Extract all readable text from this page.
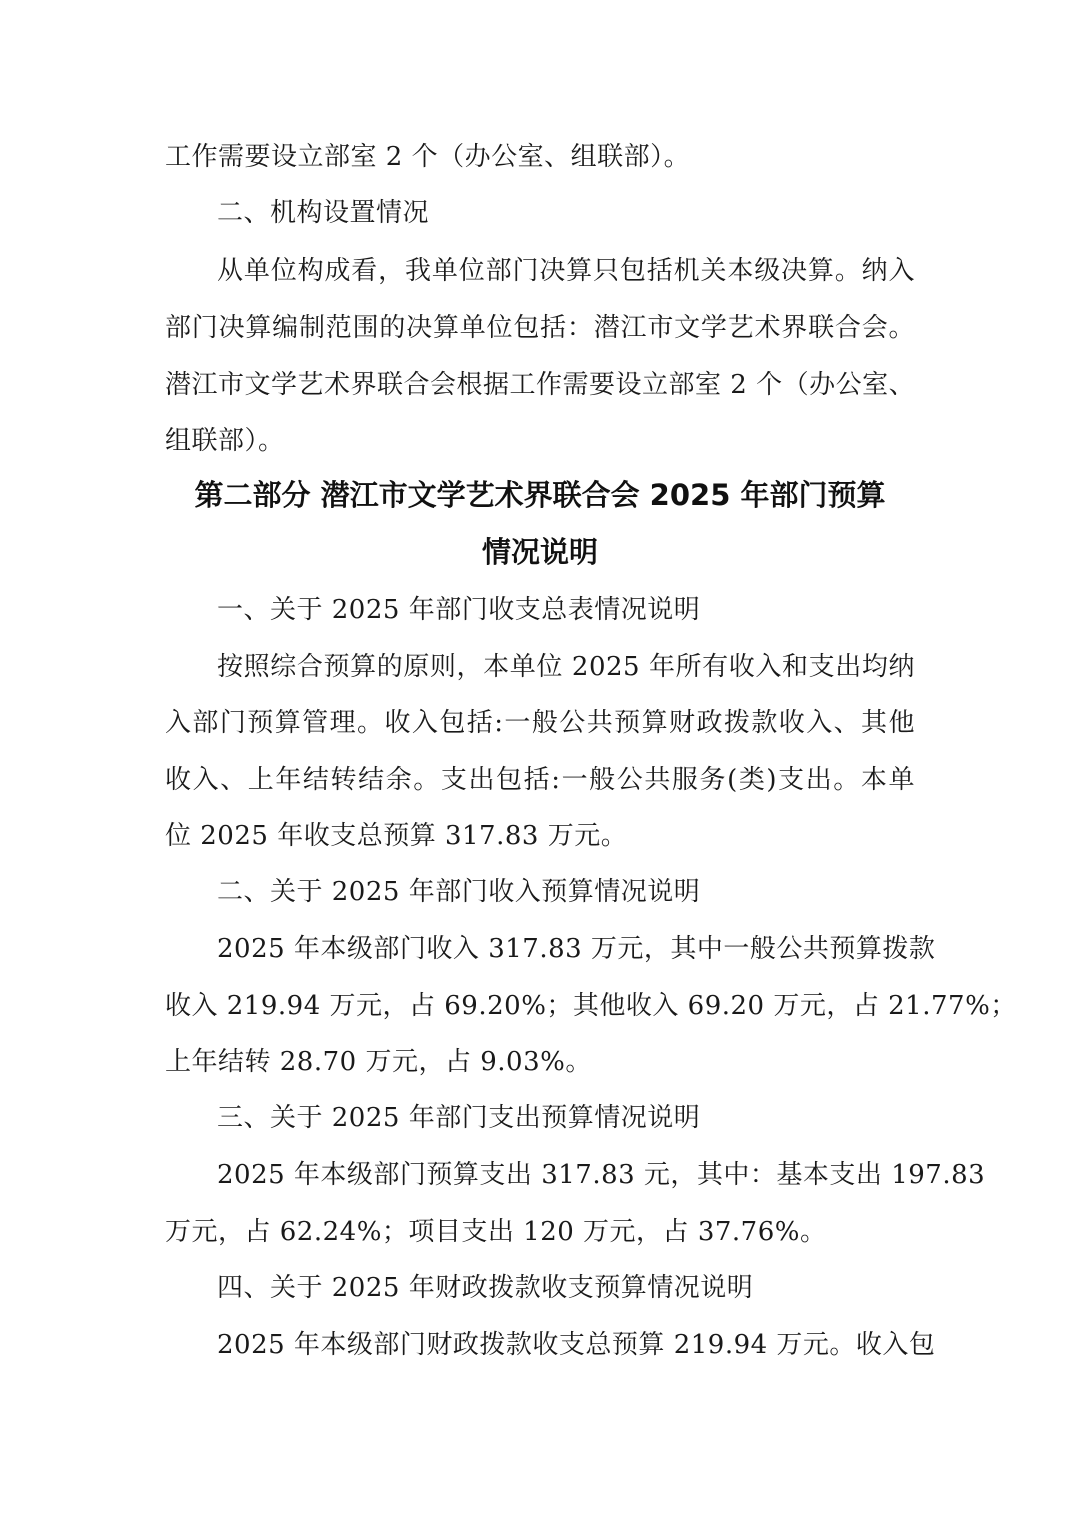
工作需要设立部室 2 个（办公室、组联部）。
二、机构设置情况
从单位构成看，我单位部门决算只包括机关本级决算。纳入
部门决算编制范围的决算单位包括：潜江市文学艺术界联合会。
潜江市文学艺术界联合会根据工作需要设立部室 2 个（办公室、
组联部）。
第二部分 潜江市文学艺术界联合会 2025 年部门预算
情况说明
一、关于 2025 年部门收支总表情况说明
按照综合预算的原则，本单位 2025 年所有收入和支出均纳
入部门预算管理。收入包括:一般公共预算财政拨款收入、其他
收入、上年结转结余。支出包括:一般公共服务(类)支出。本单
位 2025 年收支总预算 317.83 万元。
二、关于 2025 年部门收入预算情况说明
2025 年本级部门收入 317.83 万元，其中一般公共预算拨款
收入 219.94 万元，占 69.20%；其他收入 69.20 万元，占 21.77%；
上年结转 28.70 万元，占 9.03%。
三、关于 2025 年部门支出预算情况说明
2025 年本级部门预算支出 317.83 元，其中：基本支出 197.83
万元，占 62.24%；项目支出 120 万元，占 37.76%。
四、关于 2025 年财政拨款收支预算情况说明
2025 年本级部门财政拨款收支总预算 219.94 万元。收入包
